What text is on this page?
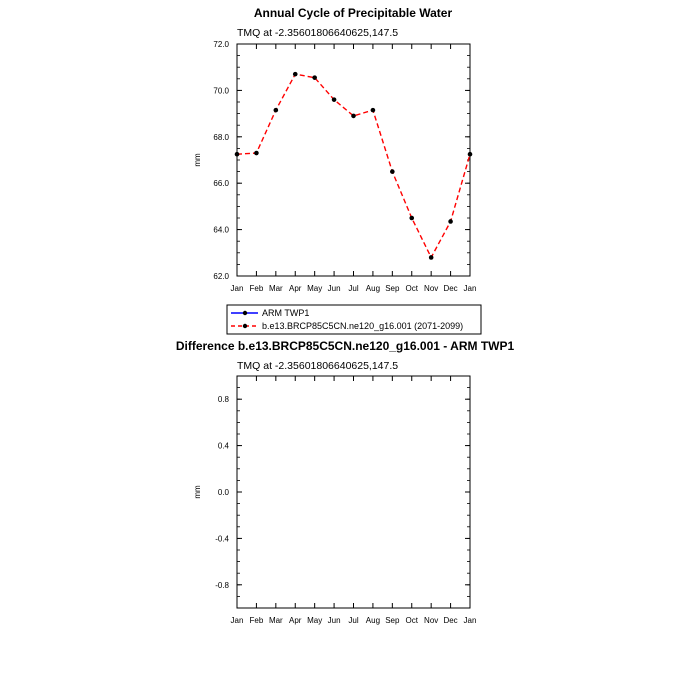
Annual Cycle of Precipitable Water
TMQ at -2.35601806640625,147.5
mm
Jan Feb Mar Apr May Jun Jul Aug Sep Oct Nov Dec Jan
62.0
64.0
66.0
68.0
70.0
72.0
ARM TWP1
b.e13.BRCP85C5CN.ne120_g16.001 (2071-2099)
Difference b.e13.BRCP85C5CN.ne120_g16.001 - ARM TWP1
TMQ at -2.35601806640625,147.5
mm
Jan Feb Mar Apr May Jun Jul Aug Sep Oct Nov Dec Jan
-0.8
-0.4
0.0
0.4
0.8
